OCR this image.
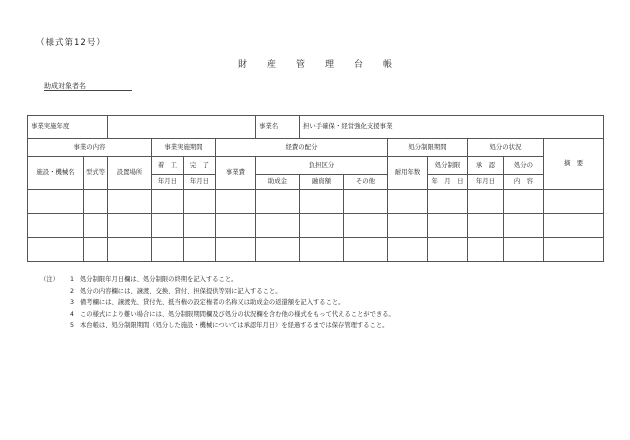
（様式第12号）
財産管理台帳
助成対象者名
事業実施年度						事業名	担い手確保・経営強化支援事業						
事業の内容			事業実施期間		経費の配分				処分制限期間		処分の状況		摘　要
施設・機械名	型式等	設置場所	着　工	完　了	事業費	負担区分			耐用年数	処分制限	承　認	処分の	
			年月日	年月日		助成金	融資額	その他		年　月　日	年月日	内　容	

（注）	1 処分制限年月日欄は、処分制限の終期を記入すること。
2 処分の内容欄には、譲渡、交換、貸付、担保提供等別に記入すること。
3 備考欄には、譲渡先、貸付先、抵当権の設定権者の名称又は助成金の返還額を記入すること。
4 この様式により難い場合には、処分制限期間欄及び処分の状況欄を含む他の様式をもって代えることができる。
5 本台帳は、処分制限期間（処分した施設・機械については承認年月日）を経過するまでは保存管理すること。
